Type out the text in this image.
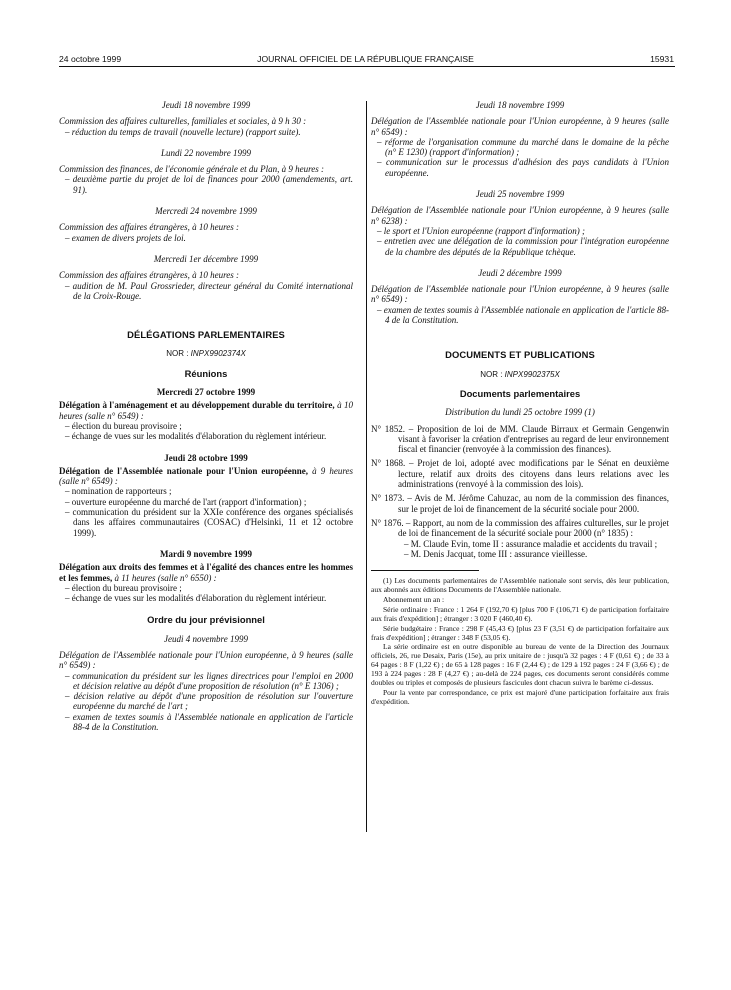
24 octobre 1999	JOURNAL OFFICIEL DE LA RÉPUBLIQUE FRANÇAISE	15931

Jeudi 18 novembre 1999

Commission des affaires culturelles, familiales et sociales, à 9 h 30 :

– réduction du temps de travail (nouvelle lecture) (rapport suite).

Lundi 22 novembre 1999

Commission des finances, de l'économie générale et du Plan, à 9 heures :

– deuxième partie du projet de loi de finances pour 2000 (amendements, art. 91).

Mercredi 24 novembre 1999

Commission des affaires étrangères, à 10 heures :

– examen de divers projets de loi.

Mercredi 1er décembre 1999

Commission des affaires étrangères, à 10 heures :

– audition de M. Paul Grossrieder, directeur général du Comité international de la Croix-Rouge.

DÉLÉGATIONS PARLEMENTAIRES

NOR : INPX9902374X

Réunions

Mercredi 27 octobre 1999

Délégation à l'aménagement et au développement durable du territoire, à 10 heures (salle n° 6549) :

– élection du bureau provisoire ;
– échange de vues sur les modalités d'élaboration du règlement intérieur.

Jeudi 28 octobre 1999

Délégation de l'Assemblée nationale pour l'Union européenne, à 9 heures (salle n° 6549) :

– nomination de rapporteurs ;
– ouverture européenne du marché de l'art (rapport d'information) ;
– communication du président sur la XXIe conférence des organes spécialisés dans les affaires communautaires (COSAC) d'Helsinki, 11 et 12 octobre 1999).

Mardi 9 novembre 1999

Délégation aux droits des femmes et à l'égalité des chances entre les hommes et les femmes, à 11 heures (salle n° 6550) :

– élection du bureau provisoire ;
– échange de vues sur les modalités d'élaboration du règlement intérieur.

Ordre du jour prévisionnel

Jeudi 4 novembre 1999

Délégation de l'Assemblée nationale pour l'Union européenne, à 9 heures (salle n° 6549) :

– communication du président sur les lignes directrices pour l'emploi en 2000 et décision relative au dépôt d'une proposition de résolution (n° E 1306) ;
– décision relative au dépôt d'une proposition de résolution sur l'ouverture européenne du marché de l'art ;
– examen de textes soumis à l'Assemblée nationale en application de l'article 88-4 de la Constitution.

Jeudi 18 novembre 1999

Délégation de l'Assemblée nationale pour l'Union européenne, à 9 heures (salle n° 6549) :

– réforme de l'organisation commune du marché dans le domaine de la pêche (n° E 1230) (rapport d'information) ;
– communication sur le processus d'adhésion des pays candidats à l'Union européenne.

Jeudi 25 novembre 1999

Délégation de l'Assemblée nationale pour l'Union européenne, à 9 heures (salle n° 6238) :

– le sport et l'Union européenne (rapport d'information) ;
– entretien avec une délégation de la commission pour l'intégration européenne de la chambre des députés de la République tchèque.

Jeudi 2 décembre 1999

Délégation de l'Assemblée nationale pour l'Union européenne, à 9 heures (salle n° 6549) :

– examen de textes soumis à l'Assemblée nationale en application de l'article 88-4 de la Constitution.

DOCUMENTS ET PUBLICATIONS

NOR : INPX9902375X

Documents parlementaires

Distribution du lundi 25 octobre 1999 (1)

N° 1852. – Proposition de loi de MM. Claude Birraux et Germain Gengenwin visant à favoriser la création d'entreprises au regard de leur environnement fiscal et financier (renvoyée à la commission des finances).

N° 1868. – Projet de loi, adopté avec modifications par le Sénat en deuxième lecture, relatif aux droits des citoyens dans leurs relations avec les administrations (renvoyé à la commission des lois).

N° 1873. – Avis de M. Jérôme Cahuzac, au nom de la commission des finances, sur le projet de loi de financement de la sécurité sociale pour 2000.

N° 1876. – Rapport, au nom de la commission des affaires culturelles, sur le projet de loi de financement de la sécurité sociale pour 2000 (n° 1835) :

– M. Claude Evin, tome II : assurance maladie et accidents du travail ;
– M. Denis Jacquat, tome III : assurance vieillesse.

(1) Les documents parlementaires de l'Assemblée nationale sont servis, dès leur publication, aux abonnés aux éditions Documents de l'Assemblée nationale.

Abonnement un an :

Série ordinaire : France : 1 264 F (192,70 €) [plus 700 F (106,71 €) de participation forfaitaire aux frais d'expédition] ; étranger : 3 020 F (460,40 €).

Série budgétaire : France : 298 F (45,43 €) [plus 23 F (3,51 €) de participation forfaitaire aux frais d'expédition] ; étranger : 348 F (53,05 €).

La série ordinaire est en outre disponible au bureau de vente de la Direction des Journaux officiels, 26, rue Desaix, Paris (15e), au prix unitaire de : jusqu'à 32 pages : 4 F (0,61 €) ; de 33 à 64 pages : 8 F (1,22 €) ; de 65 à 128 pages : 16 F (2,44 €) ; de 129 à 192 pages : 24 F (3,66 €) ; de 193 à 224 pages : 28 F (4,27 €) ; au-delà de 224 pages, ces documents seront considérés comme doubles ou triples et composés de plusieurs fascicules dont chacun suivra le barème ci-dessus.

Pour la vente par correspondance, ce prix est majoré d'une participation forfaitaire aux frais d'expédition.
